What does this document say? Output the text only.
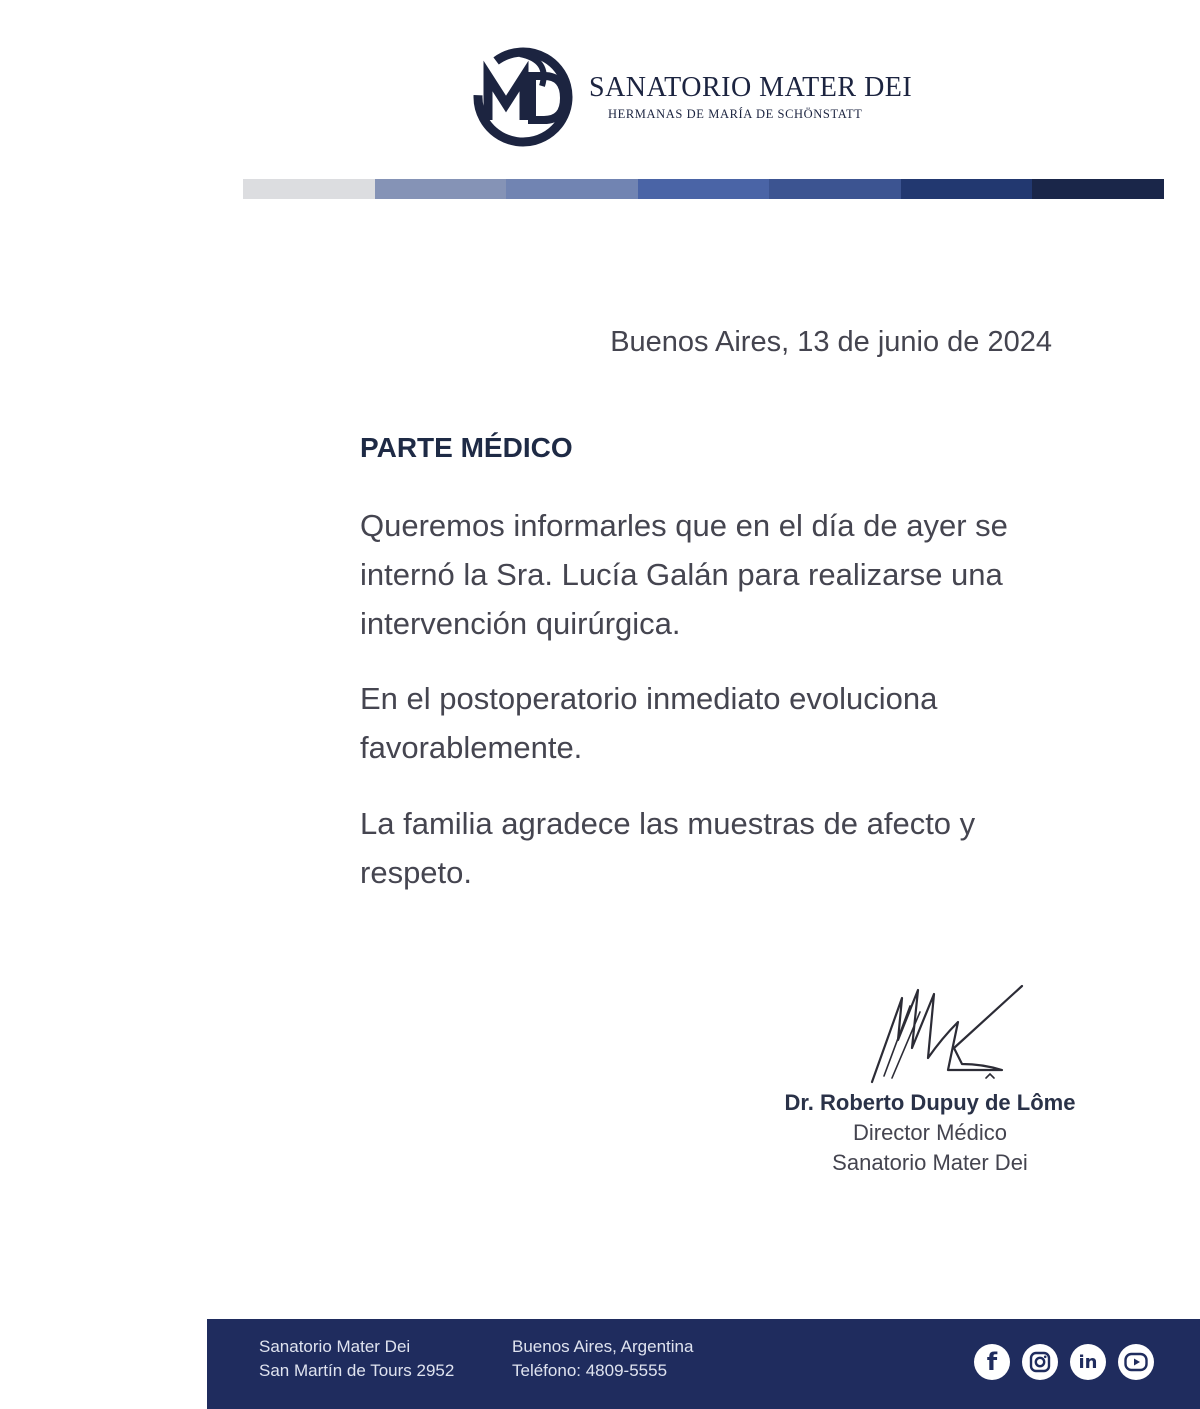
SANATORIO MATER DEI
HERMANAS DE MARÍA DE SCHÖNSTATT
Buenos Aires, 13 de junio de 2024
PARTE MÉDICO
Queremos informarles que en el día de ayer se internó la Sra. Lucía Galán para realizarse una intervención quirúrgica.
En el postoperatorio inmediato evoluciona favorablemente.
La familia agradece las muestras de afecto y respeto.
Dr. Roberto Dupuy de Lôme
Director Médico
Sanatorio Mater Dei
Sanatorio Mater Dei
San Martín de Tours 2952
Buenos Aires, Argentina
Teléfono: 4809-5555	f	in
